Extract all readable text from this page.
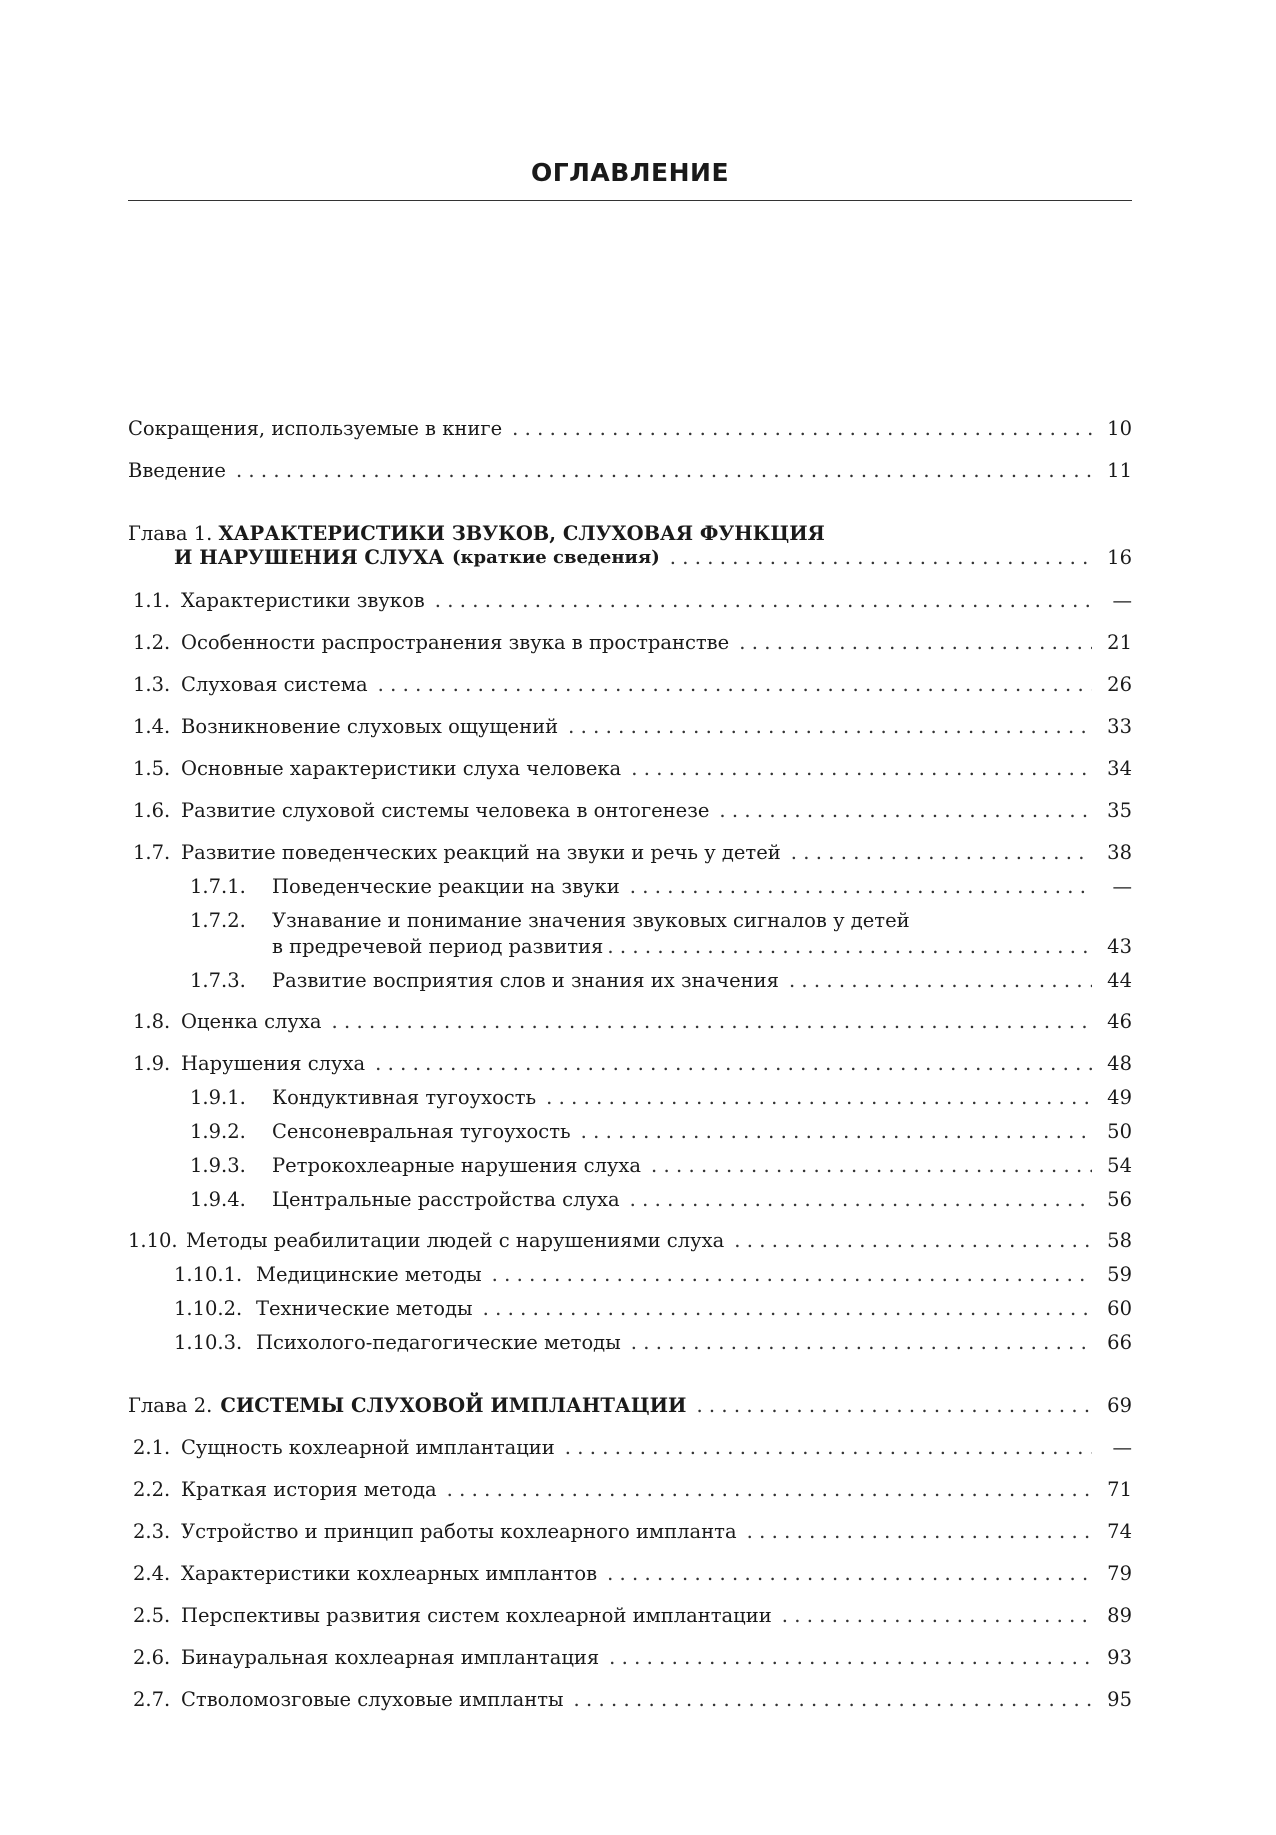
ОГЛАВЛЕНИЕ
Сокращения, используемые в книге .....	10
Введение .....	11
Глава 1. ХАРАКТЕРИСТИКИ ЗВУКОВ, СЛУХОВАЯ ФУНКЦИЯ
И НАРУШЕНИЯ СЛУХА (краткие сведения) .....	16
1.1. Характеристики звуков .....	—
1.2. Особенности распространения звука в пространстве .....	21
1.3. Слуховая система .....	26
1.4. Возникновение слуховых ощущений .....	33
1.5. Основные характеристики слуха человека .....	34
1.6. Развитие слуховой системы человека в онтогенезе .....	35
1.7. Развитие поведенческих реакций на звуки и речь у детей .....	38
1.7.1.	Поведенческие реакции на звуки .....	—
1.7.2. Узнавание и понимание значения звуковых сигналов у детей
в предречевой период развития .....	43
1.7.3.	Развитие восприятия слов и знания их значения .....	44
1.8. Оценка слуха .....	46
1.9. Нарушения слуха .....	48
1.9.1.	Кондуктивная тугоухость .....	49
1.9.2.	Сенсоневральная тугоухость .....	50
1.9.3.	Ретрокохлеарные нарушения слуха .....	54
1.9.4.	Центральные расстройства слуха .....	56
1.10. Методы реабилитации людей с нарушениями слуха .....	58
1.10.1. Медицинские методы .....	59
1.10.2. Технические методы .....	60
1.10.3. Психолого-педагогические методы .....	66
Глава 2. СИСТЕМЫ СЛУХОВОЙ ИМПЛАНТАЦИИ .....	69
2.1. Сущность кохлеарной имплантации .....	—
2.2. Краткая история метода .....	71
2.3. Устройство и принцип работы кохлеарного импланта .....	74
2.4. Характеристики кохлеарных имплантов .....	79
2.5. Перспективы развития систем кохлеарной имплантации .....	89
2.6. Бинауральная кохлеарная имплантация .....	93
2.7. Стволомозговые слуховые импланты .....	95
